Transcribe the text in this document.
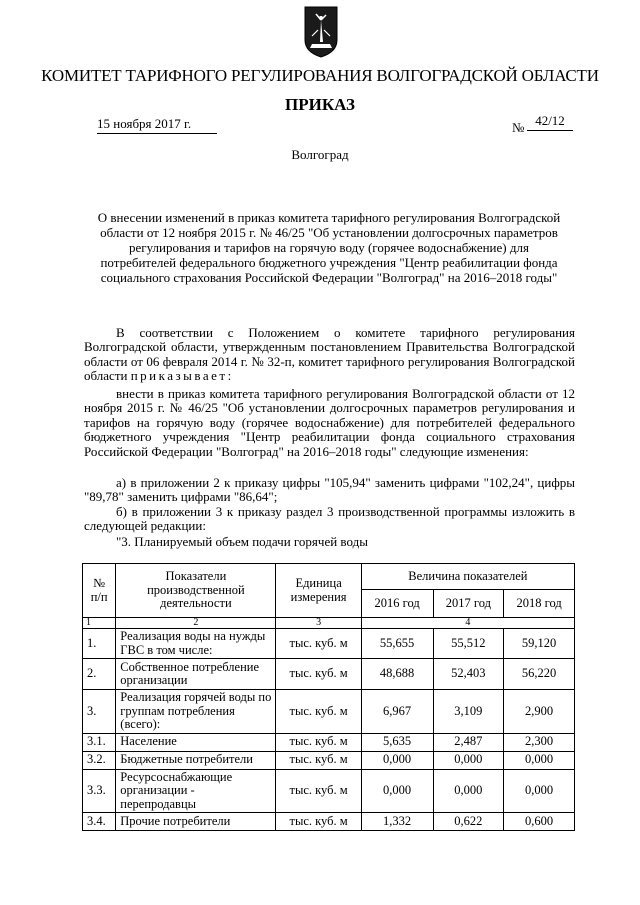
КОМИТЕТ ТАРИФНОГО РЕГУЛИРОВАНИЯ ВОЛГОГРАДСКОЙ ОБЛАСТИ
ПРИКАЗ
15 ноября 2017 г.	№ 42/12
Волгоград
О внесении изменений в приказ комитета тарифного регулирования Волгоградской области от 12 ноября 2015 г. № 46/25 "Об установлении долгосрочных параметров регулирования и тарифов на горячую воду (горячее водоснабжение) для потребителей федерального бюджетного учреждения "Центр реабилитации фонда социального страхования Российской Федерации "Волгоград" на 2016–2018 годы"
В соответствии с Положением о комитете тарифного регулирования Волгоградской области, утвержденным постановлением Правительства Волгоградской области от 06 февраля 2014 г. № 32-п, комитет тарифного регулирования Волгоградской области приказывает:
внести в приказ комитета тарифного регулирования Волгоградской области от 12 ноября 2015 г. № 46/25 "Об установлении долгосрочных параметров регулирования и тарифов на горячую воду (горячее водоснабжение) для потребителей федерального бюджетного учреждения "Центр реабилитации фонда социального страхования Российской Федерации "Волгоград" на 2016–2018 годы" следующие изменения:
а) в приложении 2 к приказу цифры "105,94" заменить цифрами "102,24", цифры "89,78" заменить цифрами "86,64";
б) в приложении 3 к приказу раздел 3 производственной программы изложить в следующей редакции:
"3. Планируемый объем подачи горячей воды
№ п/п	Показатели производственной деятельности	Единица измерения	Величина показателей		
			2016 год	2017 год	2018 год
1	2	3	4		
1.	Реализация воды на нужды ГВС в том числе:	тыс. куб. м	55,655	55,512	59,120
2.	Собственное потребление организации	тыс. куб. м	48,688	52,403	56,220
3.	Реализация горячей воды по группам потребления (всего):	тыс. куб. м	6,967	3,109	2,900
3.1.	Население	тыс. куб. м	5,635	2,487	2,300
3.2.	Бюджетные потребители	тыс. куб. м	0,000	0,000	0,000
3.3.	Ресурсоснабжающие организации - перепродавцы	тыс. куб. м	0,000	0,000	0,000
3.4.	Прочие потребители	тыс. куб. м	1,332	0,622	0,600
